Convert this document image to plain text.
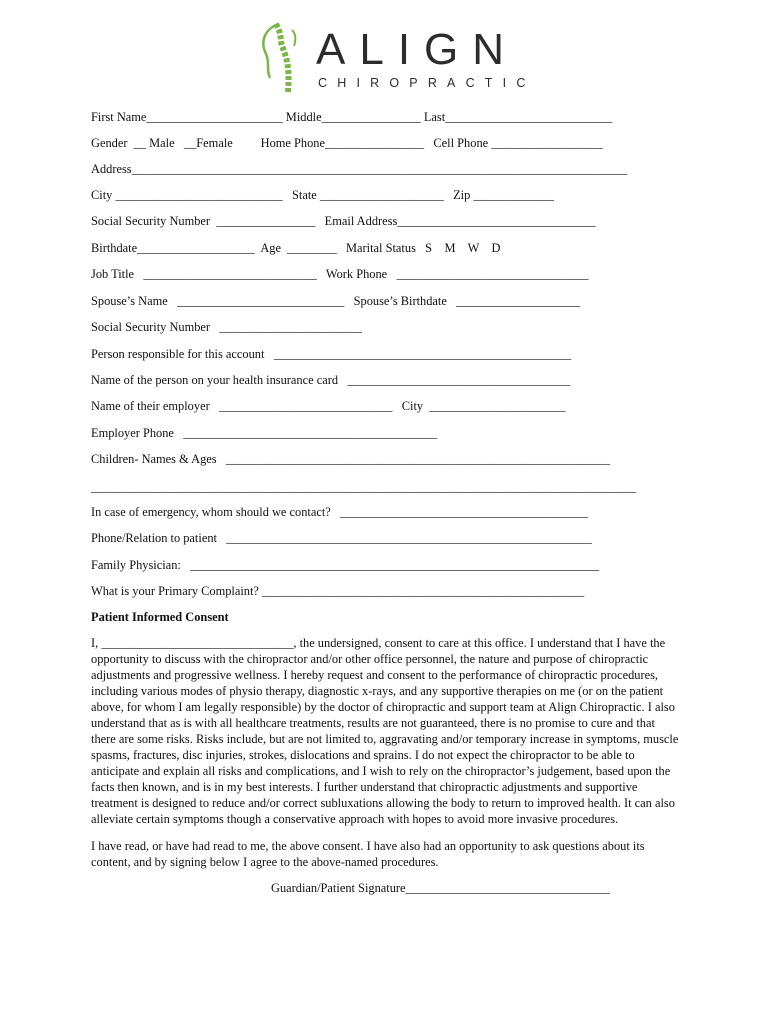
ALIGN
CHIROPRACTIC
First Name______________________ Middle________________ Last___________________________
Gender  __ Male   __Female         Home Phone________________   Cell Phone __________________
Address________________________________________________________________________________
City ___________________________   State ____________________   Zip _____________
Social Security Number  ________________   Email Address________________________________
Birthdate___________________  Age  ________   Marital Status   S    M    W    D
Job Title   ____________________________   Work Phone   _______________________________
Spouse’s Name   ___________________________   Spouse’s Birthdate   ____________________
Social Security Number   _______________________
Person responsible for this account   ________________________________________________
Name of the person on your health insurance card   ____________________________________
Name of their employer   ____________________________   City  ______________________
Employer Phone   _________________________________________
Children- Names & Ages   ______________________________________________________________
________________________________________________________________________________________
In case of emergency, whom should we contact?   ________________________________________
Phone/Relation to patient   ___________________________________________________________
Family Physician:   __________________________________________________________________
What is your Primary Complaint? ____________________________________________________
Patient Informed Consent
I, _______________________________, the undersigned, consent to care at this office. I understand that I have the opportunity to discuss with the chiropractor and/or other office personnel, the nature and purpose of chiropractic adjustments and progressive wellness. I hereby request and consent to the performance of chiropractic procedures, including various modes of physio therapy, diagnostic x-rays, and any supportive therapies on me (or on the patient above, for whom I am legally responsible) by the doctor of chiropractic and support team at Align Chiropractic. I also understand that as is with all healthcare treatments, results are not guaranteed, there is no promise to cure and that there are some risks. Risks include, but are not limited to, aggravating and/or temporary increase in symptoms, muscle spasms, fractures, disc injuries, strokes, dislocations and sprains. I do not expect the chiropractor to be able to anticipate and explain all risks and complications, and I wish to rely on the chiropractor’s judgement, based upon the facts then known, and is in my best interests. I further understand that chiropractic adjustments and supportive treatment is designed to reduce and/or correct subluxations allowing the body to return to improved health. It can also alleviate certain symptoms though a conservative approach with hopes to avoid more invasive procedures.
I have read, or have had read to me, the above consent. I have also had an opportunity to ask questions about its content, and by signing below I agree to the above-named procedures.
Guardian/Patient Signature_________________________________
